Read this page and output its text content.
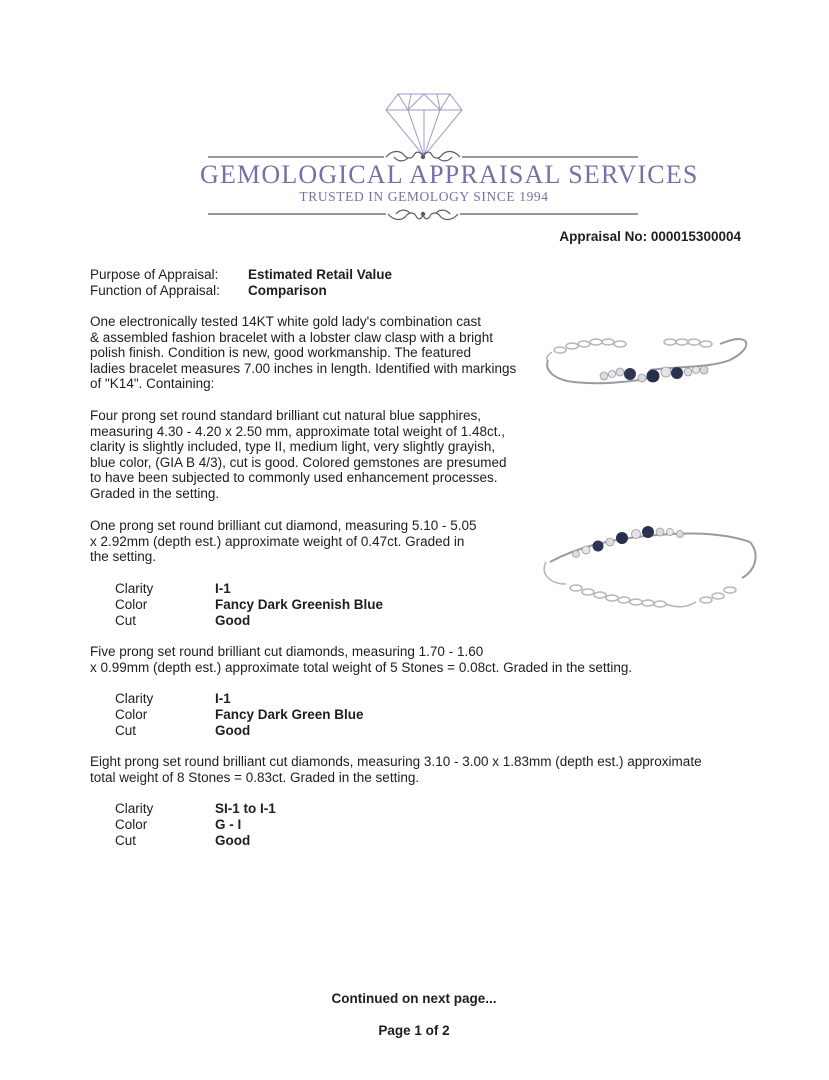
GEMOLOGICAL APPRAISAL SERVICES
TRUSTED IN GEMOLOGY SINCE 1994
Appraisal No: 000015300004
Purpose of Appraisal: Estimated Retail Value
Function of Appraisal: Comparison
One electronically tested 14KT white gold lady's combination cast
& assembled fashion bracelet with a lobster claw clasp with a bright
polish finish. Condition is new, good workmanship. The featured
ladies bracelet measures 7.00 inches in length. Identified with markings
of "K14". Containing:
Four prong set round standard brilliant cut natural blue sapphires,
measuring 4.30 - 4.20 x 2.50 mm, approximate total weight of 1.48ct.,
clarity is slightly included, type II, medium light, very slightly grayish,
blue color, (GIA B 4/3), cut is good. Colored gemstones are presumed
to have been subjected to commonly used enhancement processes.
Graded in the setting.
One prong set round brilliant cut diamond, measuring 5.10 - 5.05
x 2.92mm (depth est.) approximate weight of 0.47ct. Graded in
the setting.
Clarity	I-1
Color	Fancy Dark Greenish Blue
Cut	Good
Five prong set round brilliant cut diamonds, measuring 1.70 - 1.60
x 0.99mm (depth est.) approximate total weight of 5 Stones = 0.08ct. Graded in the setting.
Clarity	I-1
Color	Fancy Dark Green Blue
Cut	Good
Eight prong set round brilliant cut diamonds, measuring 3.10 - 3.00 x 1.83mm (depth est.) approximate
total weight of 8 Stones = 0.83ct. Graded in the setting.
Clarity	SI-1 to I-1
Color	G - I
Cut	Good
Continued on next page...
Page 1 of 2
